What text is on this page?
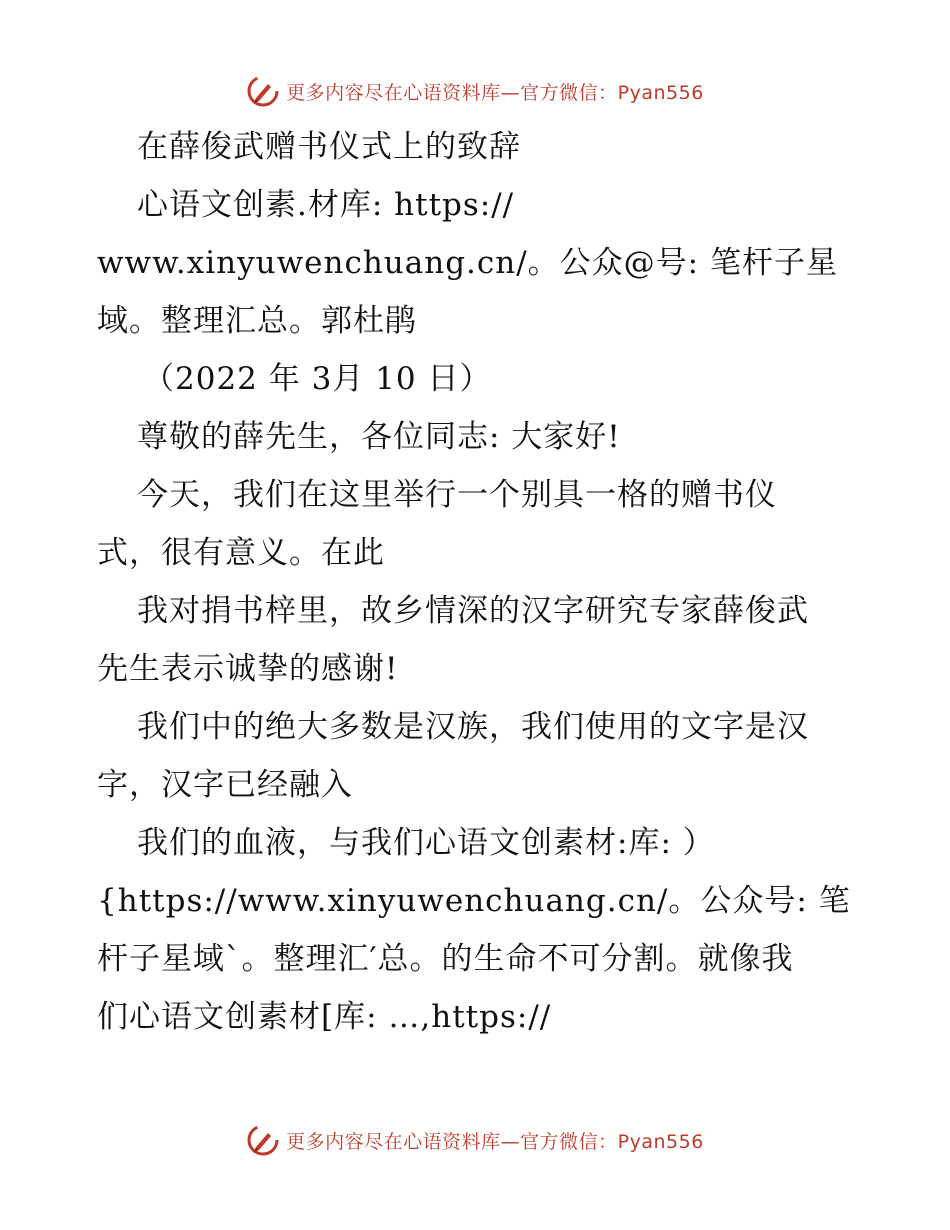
更多内容尽在心语资料库—官方微信：Pyan556
在薛俊武赠书仪式上的致辞
心语文创素.材库: https://
www.xinyuwenchuang.cn/。公众@号: 笔杆子星
域。整理汇总。郭杜鹃
（2022 年 3月 10 日）
尊敬的薛先生，各位同志: 大家好!
今天，我们在这里举行一个别具一格的赠书仪
式，很有意义。在此
我对捐书梓里，故乡情深的汉字研究专家薛俊武
先生表示诚挚的感谢!
我们中的绝大多数是汉族，我们使用的文字是汉
字，汉字已经融入
我们的血液，与我们心语文创素材:库: ）
{https://www.xinyuwenchuang.cn/。公众号: 笔
杆子星域`。整理汇′总。的生命不可分割。就像我
们心语文创素材[库: …,https://
更多内容尽在心语资料库—官方微信：Pyan556
